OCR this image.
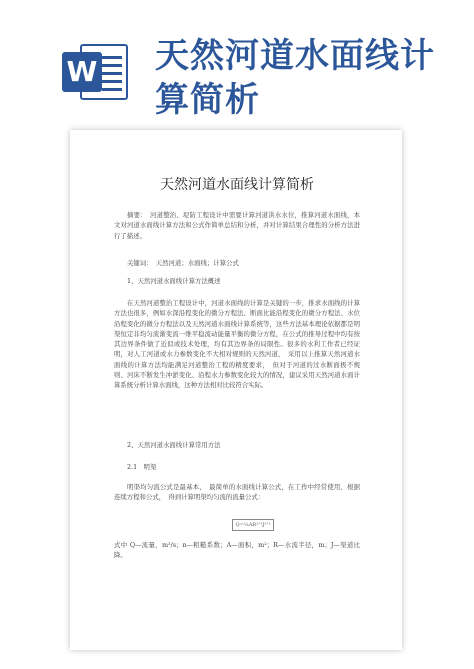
W 天然河道水面线计算简析
天然河道水面线计算简析

摘要：　河道整治、堤防工程设计中需要计算河道洪水水位，推算河道水面线，本文对河道水面线计算方法和公式作简单总结和分析，并对计算结果合理性的分析方法进行了描述。

关键词：　天然河道；水面线；计算公式

1、天然河道水面线计算方法概述

在天然河道整治工程设计中，河道水面线的计算是关键的一步，推求水面线的计算方法也很多，例如水深沿程变化的微分方程法、断面比能沿程变化的微分方程法、水位沿程变化的微分方程法以及天然河道水面线计算系统等，这些方法基本理论依据都是明渠恒定非均匀流渐变流一维平稳流动能量平衡的微分方程，在公式的推导过程中均有按其边界条件做了近似或技术处理，均有其边界条的局限性。很多的水利工作者已经证明，对人工河道或水力参数变化不大相对规则的天然河道，　采用以上推算天然河道水面线的计算方法均能满足河道整治工程的精度要求，　但对于河道的过水断面极不规则、河床不断发生冲淤变化、沿程水力参数变化较大的情况，建议采用天然河道水面计算系统分析计算水面线，这种方法相对比较符合实际。

2、天然河道水面线计算常用方法

2.1　明渠

明渠均匀流公式是最基本、　最简单的水面线计算公式，在工作中经常使用，根据连续方程和公式，　得到计算明渠均匀流的流量公式：

Q=¹⁄ₙAR²ᐟ³J¹ᐟ²

式中 Q—流量，m³/s；n—粗糙系数；A—面积，m²；R—水流半径，m；J—渠道比降。
